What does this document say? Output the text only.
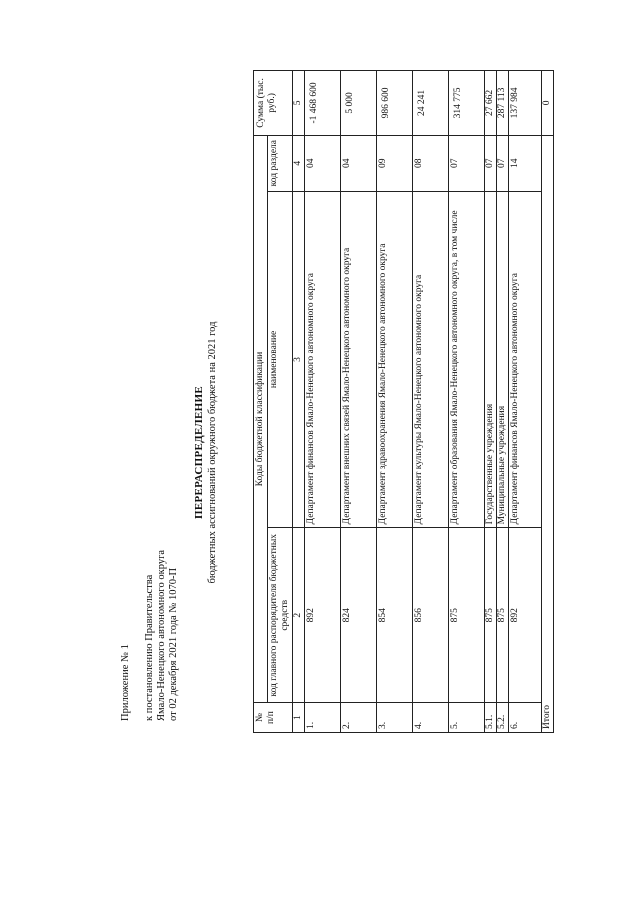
Приложение № 1 к постановлению Правительства Ямало-Ненецкого автономного округа от 02 декабря 2021 года № 1070-П
ПЕРЕРАСПРЕДЕЛЕНИЕ бюджетных ассигнований окружного бюджета на 2021 год
№
п/п	Коды бюджетной классификации			Сумма (тыс. руб.)
	код главного распорядителя бюджетных средств	наименование	код раздела	
1	2	3	4	5
1.	892	Департамент финансов Ямало-Ненецкого автономного округа	04	-1 468 600
2.	824	Департамент внешних связей Ямало-Ненецкого автономного округа	04	5 000
3.	854	Департамент здравоохранения Ямало-Ненецкого автономного округа	09	986 600
4.	856	Департамент культуры Ямало-Ненецкого автономного округа	08	24 241
5.	875	Департамент образования Ямало-Ненецкого автономного округа, в том числе	07	314 775
5.1.	875	Государственные учреждения	07	27 662
5.2.	875	Муниципальные учреждения	07	287 113
6.	892	Департамент финансов Ямало-Ненецкого автономного округа	14	137 984
Итого				0
